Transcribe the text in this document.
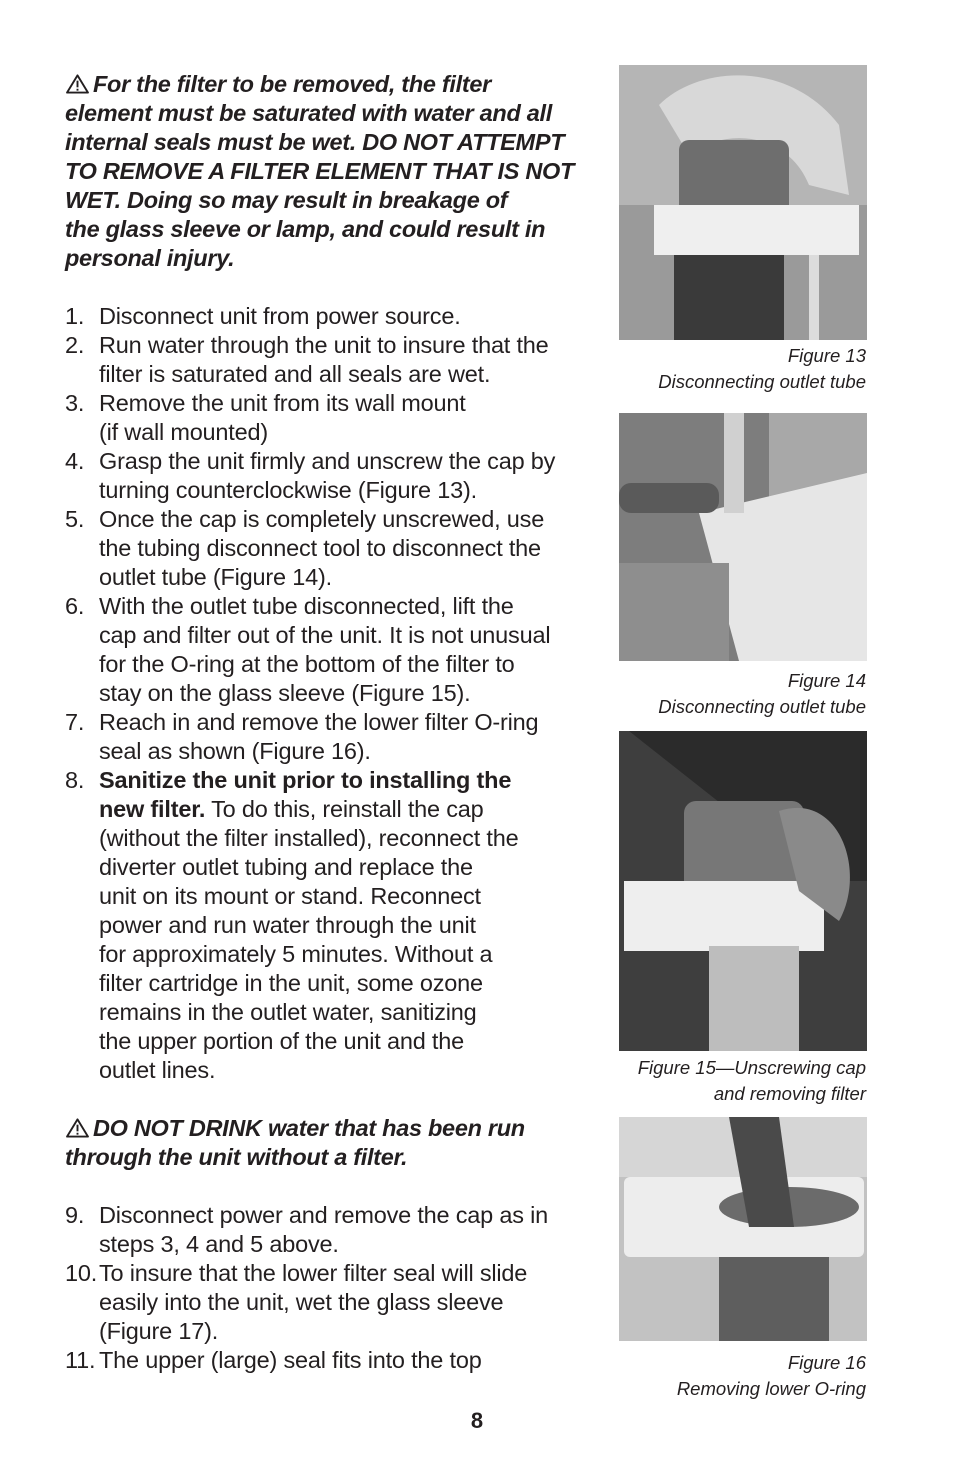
For the filter to be removed, the filter
element must be saturated with water and all
internal seals must be wet. DO NOT ATTEMPT
TO REMOVE A FILTER ELEMENT THAT IS NOT
WET. Doing so may result in breakage of
the glass sleeve or lamp, and could result in
personal injury.
1. Disconnect unit from power source.
2. Run water through the unit to insure that the
filter is saturated and all seals are wet.
3. Remove the unit from its wall mount
(if wall mounted)
4. Grasp the unit firmly and unscrew the cap by
turning counterclockwise (Figure 13).
5. Once the cap is completely unscrewed, use
the tubing disconnect tool to disconnect the
outlet tube (Figure 14).
6. With the outlet tube disconnected, lift the
cap and filter out of the unit. It is not unusual
for the O-ring at the bottom of the filter to
stay on the glass sleeve (Figure 15).
7. Reach in and remove the lower filter O-ring
seal as shown (Figure 16).
8. Sanitize the unit prior to installing the
new filter. To do this, reinstall the cap
(without the filter installed), reconnect the
diverter outlet tubing and replace the
unit on its mount or stand. Reconnect
power and run water through the unit
for approximately 5 minutes. Without a
filter cartridge in the unit, some ozone
remains in the outlet water, sanitizing
the upper portion of the unit and the
outlet lines.
DO NOT DRINK water that has been run
through the unit without a filter.
9. Disconnect power and remove the cap as in
steps 3, 4 and 5 above.
10. To insure that the lower filter seal will slide
easily into the unit, wet the glass sleeve
(Figure 17).
11. The upper (large) seal fits into the top
Figure 13
Disconnecting outlet tube
Figure 14
Disconnecting outlet tube
Figure 15—Unscrewing cap
and removing filter
Figure 16
Removing lower O-ring
8
